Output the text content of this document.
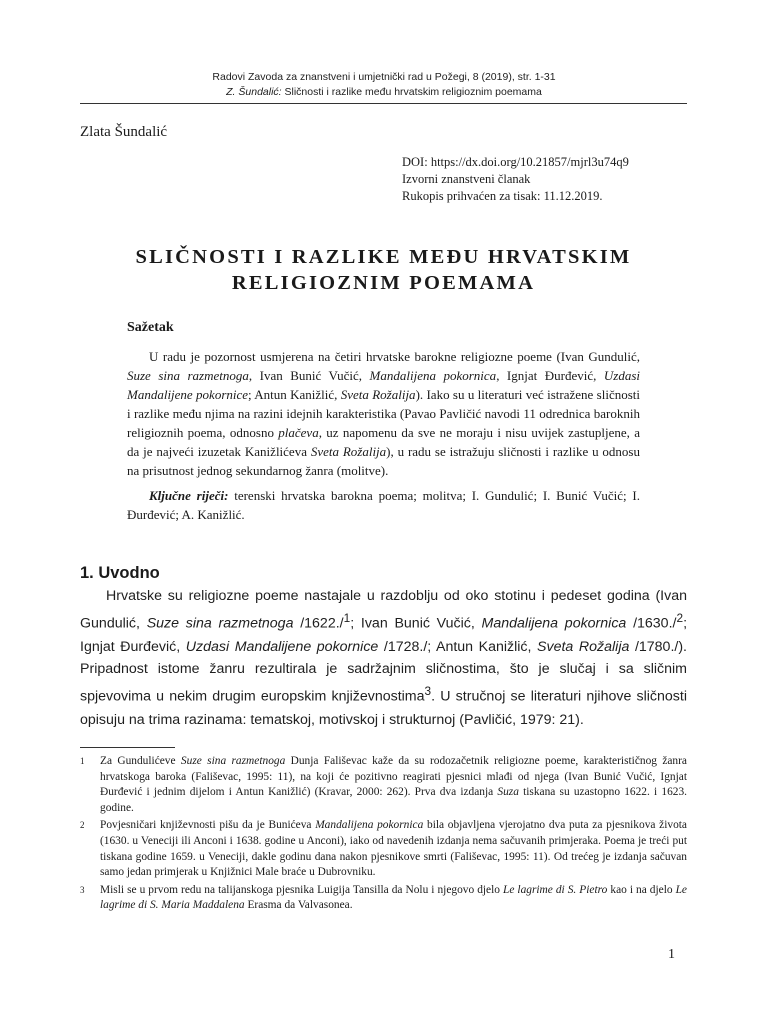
Radovi Zavoda za znanstveni i umjetnički rad u Požegi, 8 (2019), str. 1-31
Z. Šundalić: Sličnosti i razlike među hrvatskim religioznim poemama
Zlata Šundalić
DOI: https://dx.doi.org/10.21857/mjrl3u74q9
Izvorni znanstveni članak
Rukopis prihvaćen za tisak: 11.12.2019.
SLIČNOSTI I RAZLIKE MEĐU HRVATSKIM
RELIGIOZNIM POEMAMA
Sažetak
U radu je pozornost usmjerena na četiri hrvatske barokne religiozne poeme (Ivan Gundulić, Suze sina razmetnoga, Ivan Bunić Vučić, Mandalijena pokornica, Ignjat Đurđević, Uzdasi Mandalijene pokornice; Antun Kanižlić, Sveta Rožalija). Iako su u literaturi već istražene sličnosti i razlike među njima na razini idejnih karakteristika (Pavao Pavličić navodi 11 odrednica baroknih religioznih poema, odnosno plačeva, uz napomenu da sve ne moraju i nisu uvijek zastupljene, a da je najveći izuzetak Kanižlićeva Sveta Rožalija), u radu se istražuju sličnosti i razlike u odnosu na prisutnost jednog sekundarnog žanra (molitve).
Ključne riječi: terenski hrvatska barokna poema; molitva; I. Gundulić; I. Bunić Vučić; I. Đurđević; A. Kanižlić.
1. Uvodno
Hrvatske su religiozne poeme nastajale u razdoblju od oko stotinu i pedeset godina (Ivan Gundulić, Suze sina razmetnoga /1622./$^1$; Ivan Bunić Vučić, Mandalijena pokornica /1630./$^2$; Ignjat Đurđević, Uzdasi Mandalijene pokornice /1728./; Antun Kanižlić, Sveta Rožalija /1780./). Pripadnost istome žanru rezultirala je sadržajnim sličnostima, što je slučaj i sa sličnim spjevovima u nekim drugim europskim književnostima$^3$. U stručnoj se literaturi njihove sličnosti opisuju na trima razinama: tematskoj, motivskoj i strukturnoj (Pavličić, 1979: 21).
1 Za Gundulićeve Suze sina razmetnoga Dunja Fališevac kaže da su rodozačetnik religiozne poeme, karakterističnog žanra hrvatskoga baroka (Fališevac, 1995: 11), na koji će pozitivno reagirati pjesnici mlađi od njega (Ivan Bunić Vučić, Ignjat Đurđević i jednim dijelom i Antun Kanižlić) (Kravar, 2000: 262). Prva dva izdanja Suza tiskana su uzastopno 1622. i 1623. godine.
2 Povjesničari književnosti pišu da je Bunićeva Mandalijena pokornica bila objavljena vjerojatno dva puta za pjesnikova života (1630. u Veneciji ili Anconi i 1638. godine u Anconi), iako od navedenih izdanja nema sačuvanih primjeraka. Poema je treći put tiskana godine 1659. u Veneciji, dakle godinu dana nakon pjesnikove smrti (Fališevac, 1995: 11). Od trećeg je izdanja sačuvan samo jedan primjerak u Knjižnici Male braće u Dubrovniku.
3 Misli se u prvom redu na talijanskoga pjesnika Luigija Tansilla da Nolu i njegovo djelo Le lagrime di S. Pietro kao i na djelo Le lagrime di S. Maria Maddalena Erasma da Valvasonea.
1
